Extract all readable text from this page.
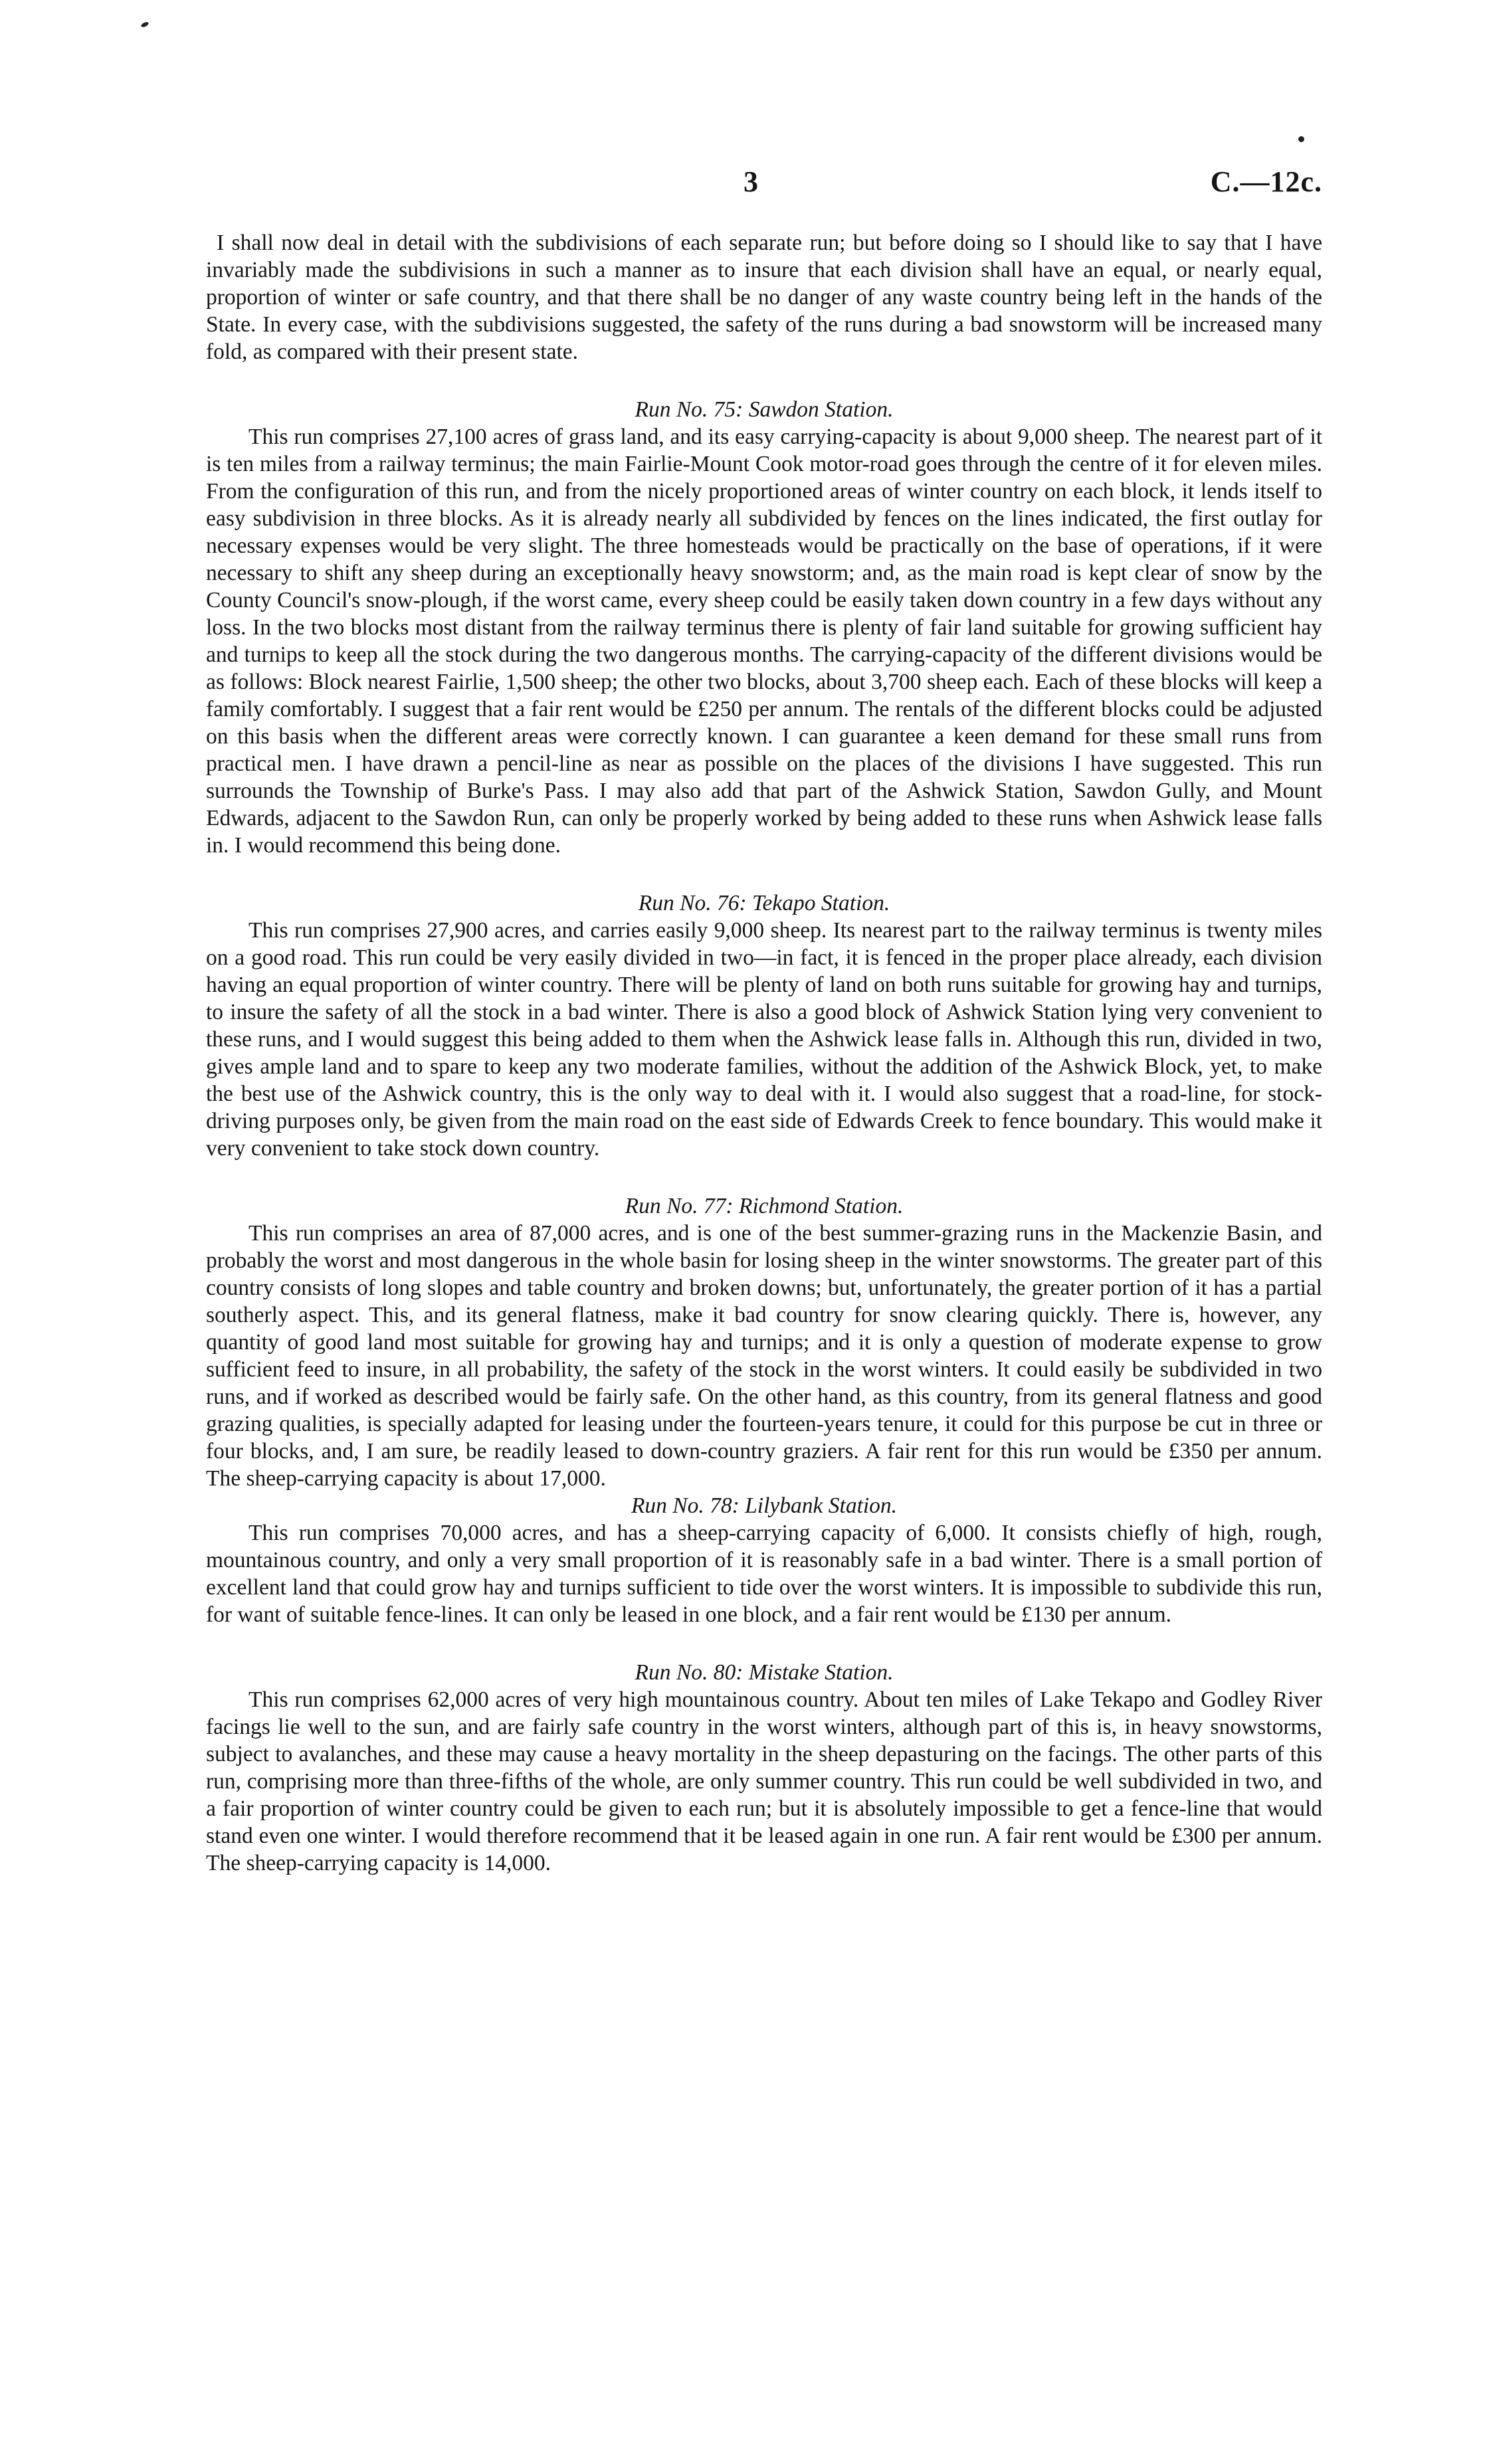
3	C.—12c.

I shall now deal in detail with the subdivisions of each separate run; but before doing so I should like to say that I have invariably made the subdivisions in such a manner as to insure that each division shall have an equal, or nearly equal, proportion of winter or safe country, and that there shall be no danger of any waste country being left in the hands of the State. In every case, with the subdivisions suggested, the safety of the runs during a bad snowstorm will be increased many fold, as compared with their present state.

Run No. 75: Sawdon Station.

This run comprises 27,100 acres of grass land, and its easy carrying-capacity is about 9,000 sheep. The nearest part of it is ten miles from a railway terminus; the main Fairlie-Mount Cook motor-road goes through the centre of it for eleven miles. From the configuration of this run, and from the nicely proportioned areas of winter country on each block, it lends itself to easy subdivision in three blocks. As it is already nearly all subdivided by fences on the lines indicated, the first outlay for necessary expenses would be very slight. The three homesteads would be practically on the base of operations, if it were necessary to shift any sheep during an exceptionally heavy snowstorm; and, as the main road is kept clear of snow by the County Council's snow-plough, if the worst came, every sheep could be easily taken down country in a few days without any loss. In the two blocks most distant from the railway terminus there is plenty of fair land suitable for growing sufficient hay and turnips to keep all the stock during the two dangerous months. The carrying-capacity of the different divisions would be as follows: Block nearest Fairlie, 1,500 sheep; the other two blocks, about 3,700 sheep each. Each of these blocks will keep a family comfortably. I suggest that a fair rent would be £250 per annum. The rentals of the different blocks could be adjusted on this basis when the different areas were correctly known. I can guarantee a keen demand for these small runs from practical men. I have drawn a pencil-line as near as possible on the places of the divisions I have suggested. This run surrounds the Township of Burke's Pass. I may also add that part of the Ashwick Station, Sawdon Gully, and Mount Edwards, adjacent to the Sawdon Run, can only be properly worked by being added to these runs when Ashwick lease falls in. I would recommend this being done.

Run No. 76: Tekapo Station.

This run comprises 27,900 acres, and carries easily 9,000 sheep. Its nearest part to the railway terminus is twenty miles on a good road. This run could be very easily divided in two—in fact, it is fenced in the proper place already, each division having an equal proportion of winter country. There will be plenty of land on both runs suitable for growing hay and turnips, to insure the safety of all the stock in a bad winter. There is also a good block of Ashwick Station lying very convenient to these runs, and I would suggest this being added to them when the Ashwick lease falls in. Although this run, divided in two, gives ample land and to spare to keep any two moderate families, without the addition of the Ashwick Block, yet, to make the best use of the Ashwick country, this is the only way to deal with it. I would also suggest that a road-line, for stock-driving purposes only, be given from the main road on the east side of Edwards Creek to fence boundary. This would make it very convenient to take stock down country.

Run No. 77: Richmond Station.

This run comprises an area of 87,000 acres, and is one of the best summer-grazing runs in the Mackenzie Basin, and probably the worst and most dangerous in the whole basin for losing sheep in the winter snowstorms. The greater part of this country consists of long slopes and table country and broken downs; but, unfortunately, the greater portion of it has a partial southerly aspect. This, and its general flatness, make it bad country for snow clearing quickly. There is, however, any quantity of good land most suitable for growing hay and turnips; and it is only a question of moderate expense to grow sufficient feed to insure, in all probability, the safety of the stock in the worst winters. It could easily be subdivided in two runs, and if worked as described would be fairly safe. On the other hand, as this country, from its general flatness and good grazing qualities, is specially adapted for leasing under the fourteen-years tenure, it could for this purpose be cut in three or four blocks, and, I am sure, be readily leased to down-country graziers. A fair rent for this run would be £350 per annum. The sheep-carrying capacity is about 17,000.

Run No. 78: Lilybank Station.

This run comprises 70,000 acres, and has a sheep-carrying capacity of 6,000. It consists chiefly of high, rough, mountainous country, and only a very small proportion of it is reasonably safe in a bad winter. There is a small portion of excellent land that could grow hay and turnips sufficient to tide over the worst winters. It is impossible to subdivide this run, for want of suitable fence-lines. It can only be leased in one block, and a fair rent would be £130 per annum.

Run No. 80: Mistake Station.

This run comprises 62,000 acres of very high mountainous country. About ten miles of Lake Tekapo and Godley River facings lie well to the sun, and are fairly safe country in the worst winters, although part of this is, in heavy snowstorms, subject to avalanches, and these may cause a heavy mortality in the sheep depasturing on the facings. The other parts of this run, comprising more than three-fifths of the whole, are only summer country. This run could be well subdivided in two, and a fair proportion of winter country could be given to each run; but it is absolutely impossible to get a fence-line that would stand even one winter. I would therefore recommend that it be leased again in one run. A fair rent would be £300 per annum. The sheep-carrying capacity is 14,000.
